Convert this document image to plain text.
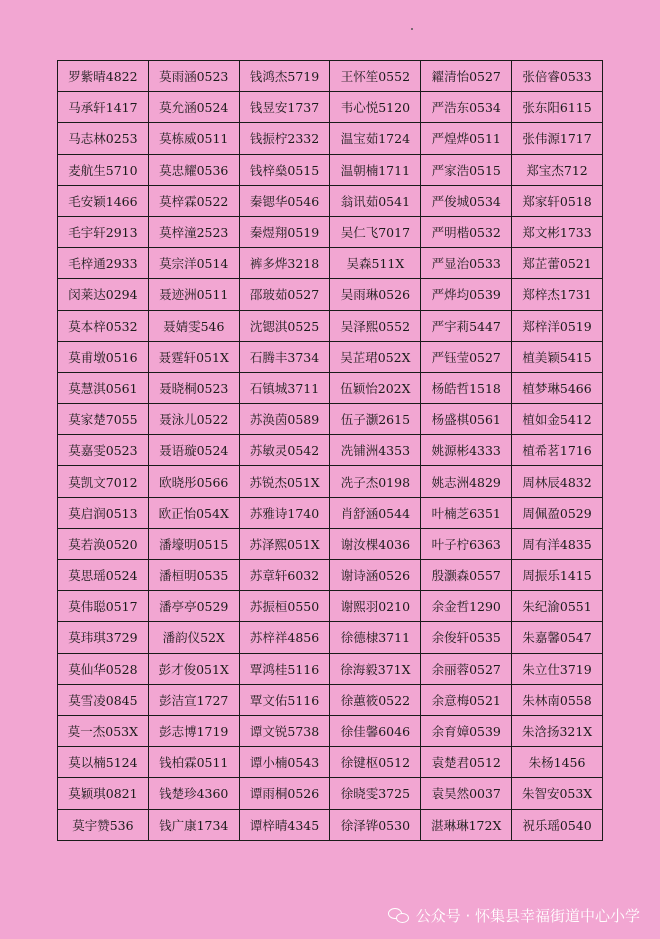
罗紫晴4822	莫雨涵0523	钱鸿杰5719	王怀笙0552	糴清怡0527	张倍睿0533
马承轩1417	莫允涵0524	钱昱安1737	韦心悦5120	严浩东0534	张东阳6115
马志林0253	莫栋威0511	钱振柠2332	温宝茹1724	严煌烨0511	张伟源1717
麦航生5710	莫忠耀0536	钱梓燊0515	温朝楠1711	严家浩0515	郑宝杰712
毛安颖1466	莫梓霖0522	秦锶华0546	翁讯茹0541	严俊城0534	郑家轩0518
毛宇轩2913	莫梓潼2523	秦煜翔0519	吴仁飞7017	严明楷0532	郑文彬1733
毛梓通2933	莫宗洋0514	裤多烨3218	吴森511X	严显治0533	郑芷蕾0521
闵莱达0294	聂迹洲0511	邵玻茹0527	吴雨琳0526	严烨均0539	郑梓杰1731
莫本梓0532	聂婧雯546	沈锶淇0525	吴泽熙0552	严宇莉5447	郑梓洋0519
莫甫墩0516	聂霆轩051X	石腾丰3734	吴芷珺052X	严钰莹0527	植美颖5415
莫慧淇0561	聂晓桐0523	石镇城3711	伍颖怡202X	杨皓哲1518	植梦琳5466
莫家楚7055	聂泳儿0522	苏涣茵0589	伍子灏2615	杨盛棋0561	植如金5412
莫嘉雯0523	聂语璇0524	苏敏灵0542	冼铺洲4353	姚源彬4333	植希茗1716
莫凯文7012	欧晓彤0566	苏锐杰051X	冼子杰0198	姚志洲4829	周林辰4832
莫启润0513	欧正怡054X	苏雅诗1740	肖舒涵0544	叶楠芝6351	周佩盈0529
莫若涣0520	潘壕明0515	苏泽熙051X	谢汝棵4036	叶子柠6363	周有洋4835
莫思瑶0524	潘桓明0535	苏章轩6032	谢诗涵0526	殷灏森0557	周振乐1415
莫伟聪0517	潘亭亭0529	苏振桓0550	谢熙羽0210	余金哲1290	朱纪渝0551
莫玮琪3729	潘韵仪52X	苏梓祥4856	徐德棣3711	余俊轩0535	朱嘉馨0547
莫仙华0528	彭才俊051X	覃鸿桂5116	徐海毅371X	余丽蓉0527	朱立仕3719
莫雪凌0845	彭洁宣1727	覃文佑5116	徐蕙筱0522	余意梅0521	朱林南0558
莫一杰053X	彭志博1719	谭文锐5738	徐佳馨6046	余育嫜0539	朱浛扬321X
莫以楠5124	钱柏霖0511	谭小楠0543	徐键枢0512	袁楚君0512	朱杨1456
莫颖琪0821	钱楚珍4360	谭雨桐0526	徐晓雯3725	袁昊然0037	朱智安053X
莫宇赞536	钱广康1734	谭梓晴4345	徐泽铧0530	湛琳琳172X	祝乐瑶0540
公众号 · 怀集县幸福街道中心小学
